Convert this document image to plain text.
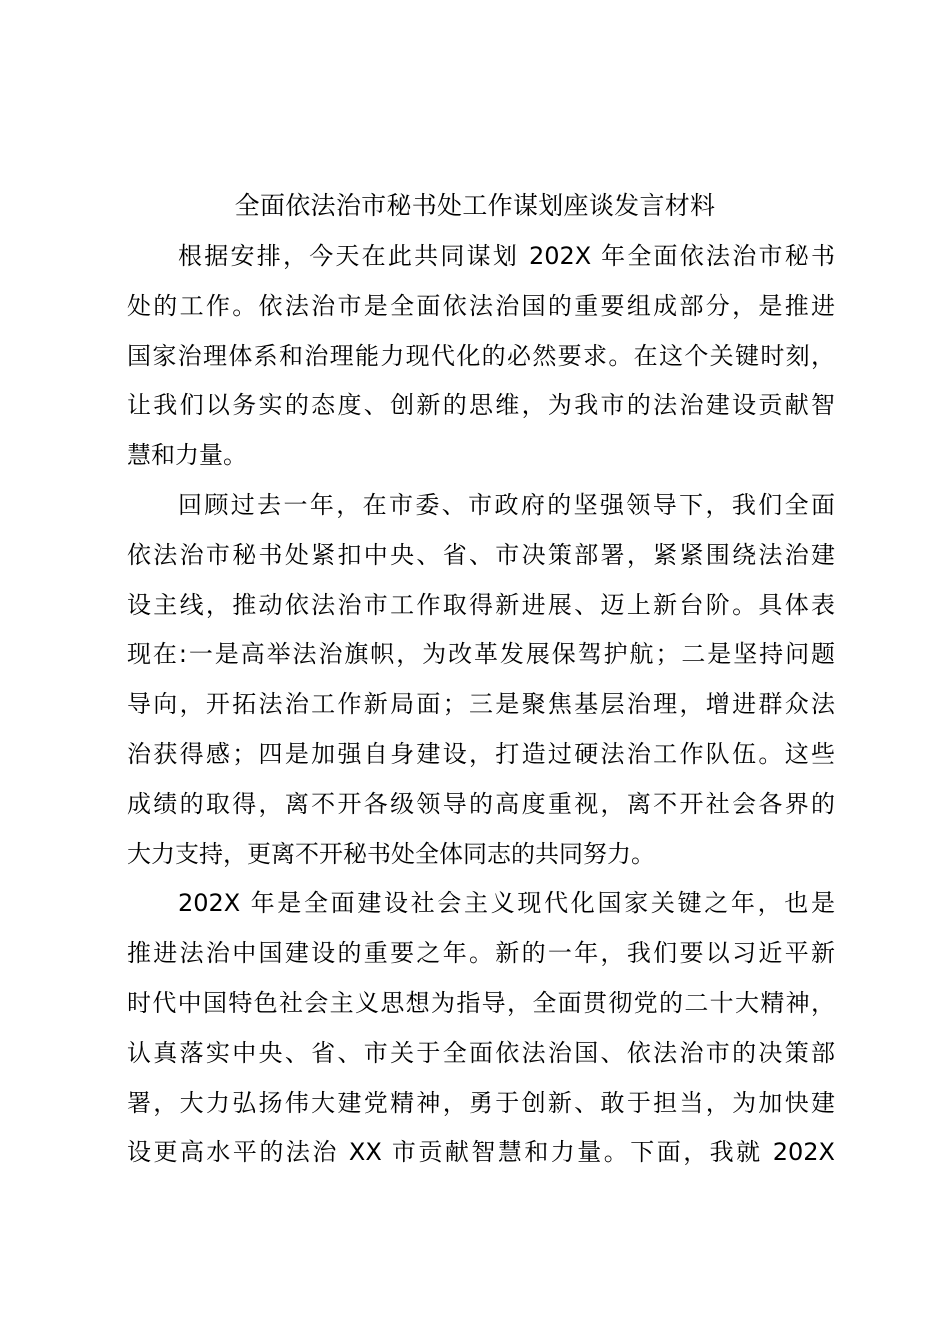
全面依法治市秘书处工作谋划座谈发言材料
根据安排，今天在此共同谋划 202X 年全面依法治市秘书
处的工作。依法治市是全面依法治国的重要组成部分，是推进
国家治理体系和治理能力现代化的必然要求。在这个关键时刻，
让我们以务实的态度、创新的思维，为我市的法治建设贡献智
慧和力量。
回顾过去一年，在市委、市政府的坚强领导下，我们全面
依法治市秘书处紧扣中央、省、市决策部署，紧紧围绕法治建
设主线，推动依法治市工作取得新进展、迈上新台阶。具体表
现在:一是高举法治旗帜，为改革发展保驾护航；二是坚持问题
导向，开拓法治工作新局面；三是聚焦基层治理，增进群众法
治获得感；四是加强自身建设，打造过硬法治工作队伍。这些
成绩的取得，离不开各级领导的高度重视，离不开社会各界的
大力支持，更离不开秘书处全体同志的共同努力。
202X 年是全面建设社会主义现代化国家关键之年，也是
推进法治中国建设的重要之年。新的一年，我们要以习近平新
时代中国特色社会主义思想为指导，全面贯彻党的二十大精神，
认真落实中央、省、市关于全面依法治国、依法治市的决策部
署，大力弘扬伟大建党精神，勇于创新、敢于担当，为加快建
设更高水平的法治 XX 市贡献智慧和力量。下面，我就 202X
